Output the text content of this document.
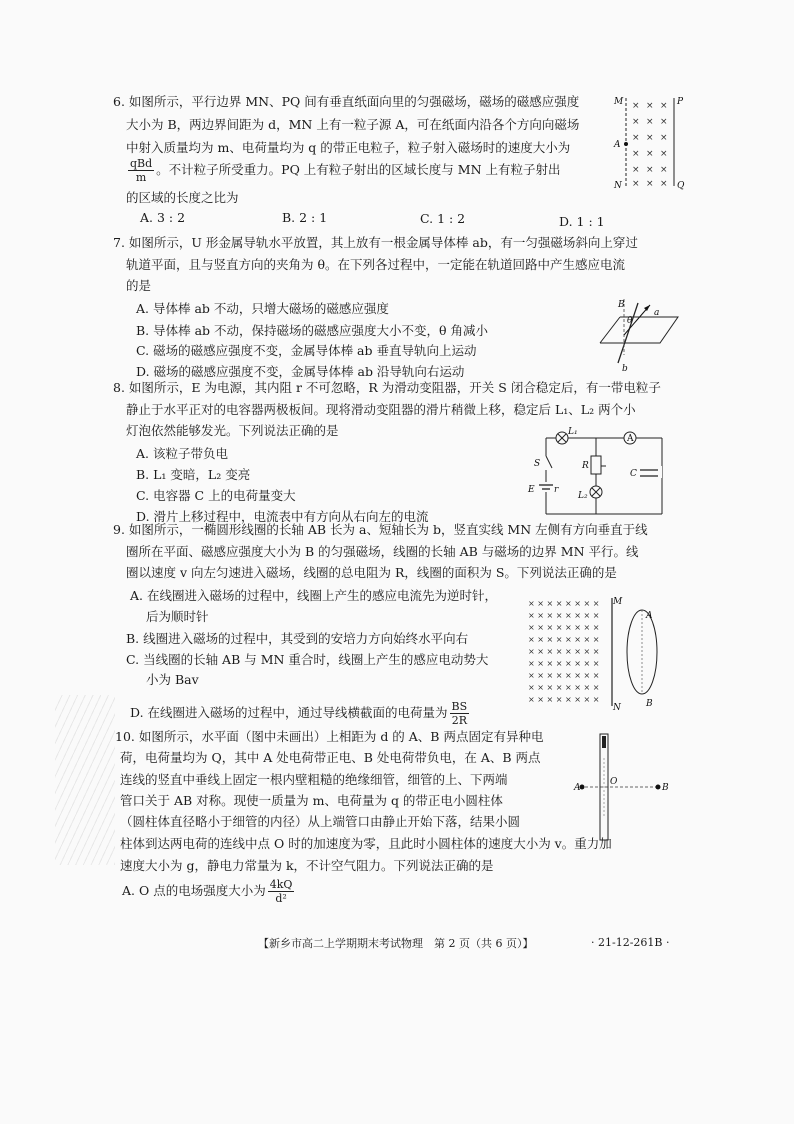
6. 如图所示，平行边界 MN、PQ 间有垂直纸面向里的匀强磁场，磁场的磁感应强度
大小为 B，两边界间距为 d，MN 上有一粒子源 A，可在纸面内沿各个方向向磁场
中射入质量均为 m、电荷量均为 q 的带正电粒子，粒子射入磁场时的速度大小为
$\frac{\text{qBd}}{m}$ 。不计粒子所受重力。PQ 上有粒子射出的区域长度与 MN 上有粒子射出
的区域的长度之比为
A. 3 : 2	B. 2 : 1	C. 1 : 2	D. 1 : 1
× × ×
× × ×
× × ×
× × ×
× × ×
× × ×
M
N
P
Q
A
7. 如图所示，U 形金属导轨水平放置，其上放有一根金属导体棒 ab，有一匀强磁场斜向上穿过
轨道平面，且与竖直方向的夹角为 θ。在下列各过程中，一定能在轨道回路中产生感应电流
的是
A. 导体棒 ab 不动，只增大磁场的磁感应强度
B. 导体棒 ab 不动，保持磁场的磁感应强度大小不变，θ 角减小
C. 磁场的磁感应强度不变，金属导体棒 ab 垂直导轨向上运动
D. 磁场的磁感应强度不变，金属导体棒 ab 沿导轨向右运动
B
θ
a
b
8. 如图所示，E 为电源，其内阻 r 不可忽略，R 为滑动变阻器，开关 S 闭合稳定后，有一带电粒子
静止于水平正对的电容器两极板间。现将滑动变阻器的滑片稍微上移，稳定后 L₁、L₂ 两个小
灯泡依然能够发光。下列说法正确的是
A. 该粒子带负电
B. L₁ 变暗，L₂ 变亮
C. 电容器 C 上的电荷量变大
D. 滑片上移过程中，电流表中有方向从右向左的电流
L₁
A
S	R
L₂
E r
C
9. 如图所示，一椭圆形线圈的长轴 AB 长为 a、短轴长为 b，竖直实线 MN 左侧有方向垂直于线
圈所在平面、磁感应强度大小为 B 的匀强磁场，线圈的长轴 AB 与磁场的边界 MN 平行。线
圈以速度 v 向左匀速进入磁场，线圈的总电阻为 R，线圈的面积为 S。下列说法正确的是
A. 在线圈进入磁场的过程中，线圈上产生的感应电流先为逆时针，
后为顺时针
B. 线圈进入磁场的过程中，其受到的安培力方向始终水平向右
C. 当线圈的长轴 AB 与 MN 重合时，线圈上产生的感应电动势大
小为 Bav
D. 在线圈进入磁场的过程中，通过导线横截面的电荷量为 $\frac{BS}{2R}$
× × × × × × × ×
× × × × × × × ×
× × × × × × × ×
× × × × × × × ×
× × × × × × × ×
× × × × × × × ×
× × × × × × × ×
× × × × × × × ×
× × × × × × × ×
M
N
A
B
10. 如图所示，水平面（图中未画出）上相距为 d 的 A、B 两点固定有异种电
荷，电荷量均为 Q，其中 A 处电荷带正电、B 处电荷带负电，在 A、B 两点
连线的竖直中垂线上固定一根内壁粗糙的绝缘细管，细管的上、下两端
管口关于 AB 对称。现使一质量为 m、电荷量为 q 的带正电小圆柱体
（圆柱体直径略小于细管的内径）从上端管口由静止开始下落，结果小圆
柱体到达两电荷的连线中点 O 时的加速度为零，且此时小圆柱体的速度大小为 v。重力加
速度大小为 g，静电力常量为 k，不计空气阻力。下列说法正确的是
A. O 点的电场强度大小为 $\frac{4kQ}{\text{d²}}$
A	B
O
【新乡市高二上学期期末考试物理　第 2 页（共 6 页）】	· 21-12-261B ·
